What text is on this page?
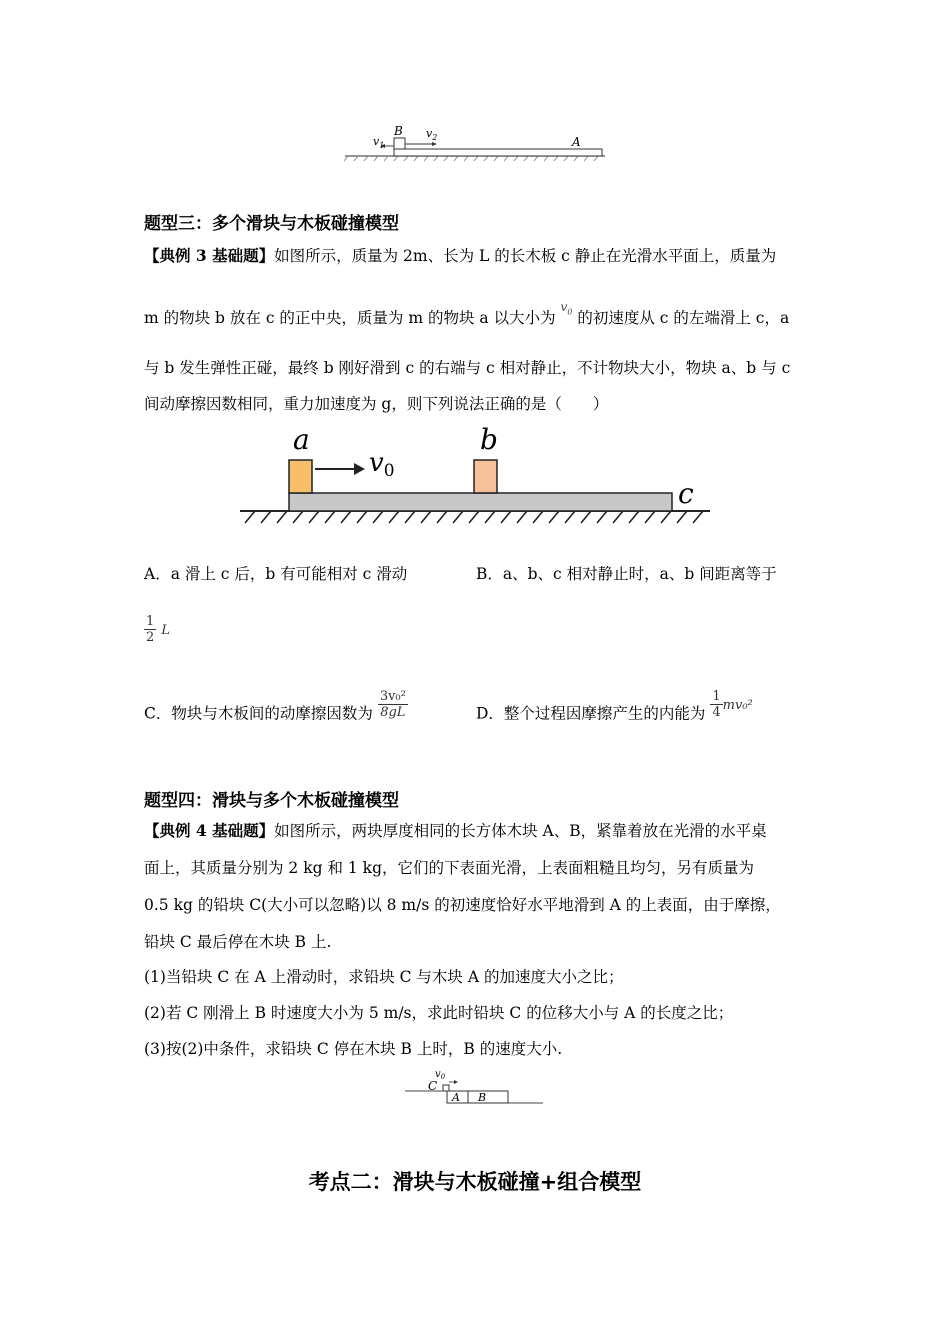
$v_1$
B $v_2$	A
题型三：多个滑块与木板碰撞模型
【典例 3 基础题】如图所示，质量为 2m、长为 L 的长木板 c 静止在光滑水平面上，质量为
m 的物块 b 放在 c 的正中央，质量为 m 的物块 a 以大小为 $^{v_0}$ 的初速度从 c 的左端滑上 c，a
与 b 发生弹性正碰，最终 b 刚好滑到 c 的右端与 c 相对静止，不计物块大小，物块 a、b 与 c
间动摩擦因数相同，重力加速度为 g，则下列说法正确的是（　　）
a	b
c
v0
A．a 滑上 c 后，b 有可能相对 c 滑动	B．a、b、c 相对静止时，a、b 间距离等于
$\frac{1}{2}$ L
C．物块与木板间的动摩擦因数为 $\frac{\text{3v₀²}}{8gL}$	D．整个过程因摩擦产生的内能为 $\frac{1}{4} ^{mv_0^2}$
题型四：滑块与多个木板碰撞模型
【典例 4 基础题】如图所示，两块厚度相同的长方体木块 A、B，紧靠着放在光滑的水平桌
面上，其质量分别为 2 kg 和 1 kg，它们的下表面光滑，上表面粗糙且均匀，另有质量为
0.5 kg 的铅块 C(大小可以忽略)以 8 m/s 的初速度恰好水平地滑到 A 的上表面，由于摩擦，
铅块 C 最后停在木块 B 上.
(1)当铅块 C 在 A 上滑动时，求铅块 C 与木块 A 的加速度大小之比；
(2)若 C 刚滑上 B 时速度大小为 5 m/s，求此时铅块 C 的位移大小与 A 的长度之比；
(3)按(2)中条件，求铅块 C 停在木块 B 上时，B 的速度大小.
$v_0$
C
A B
考点二：滑块与木板碰撞+组合模型
